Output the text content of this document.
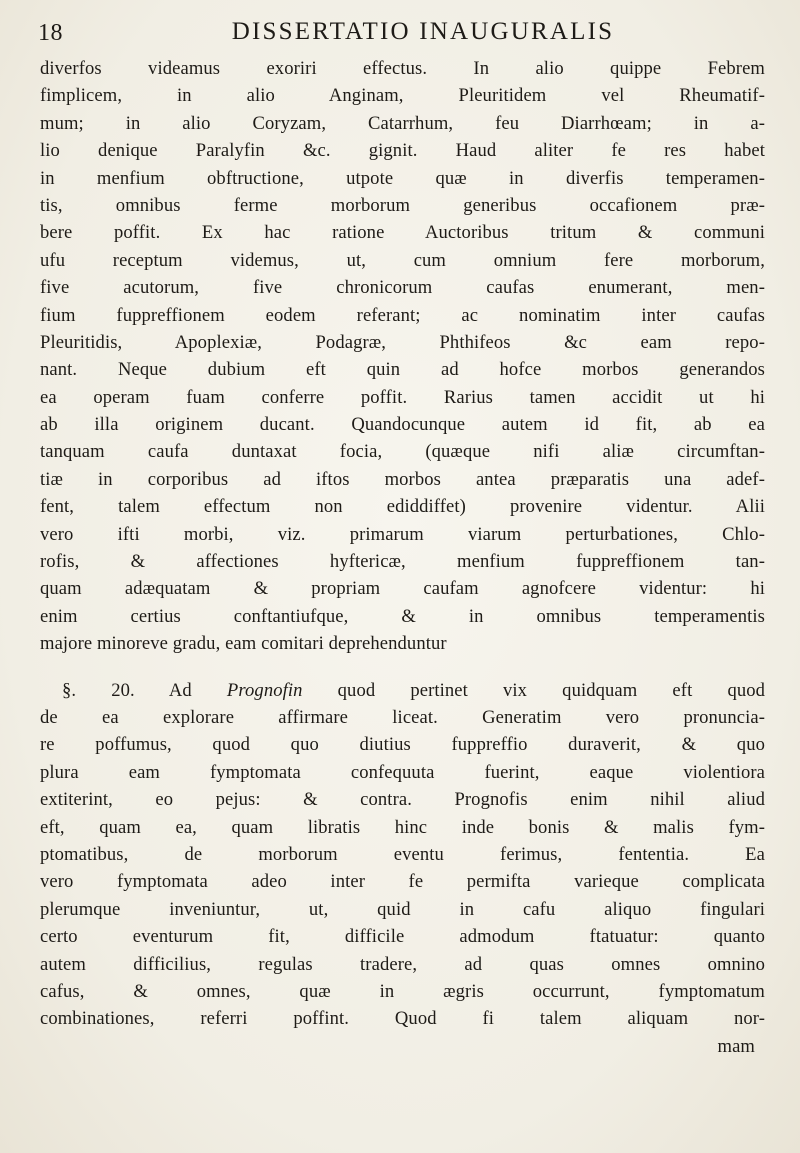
18	DISSERTATIO INAUGURALIS
diverfos videamus exoriri effectus. In alio quippe Febrem
fimplicem, in alio Anginam, Pleuritidem vel Rheumatif-
mum; in alio Coryzam, Catarrhum, feu Diarrhœam; in a-
lio denique Paralyfin &c. gignit. Haud aliter fe res habet
in menfium obftructione, utpote quæ in diverfis temperamen-
tis, omnibus ferme morborum generibus occafionem præ-
bere poffit. Ex hac ratione Auctoribus tritum & communi
ufu receptum videmus, ut, cum omnium fere morborum,
five acutorum, five chronicorum caufas enumerant, men-
fium fuppreffionem eodem referant; ac nominatim inter caufas
Pleuritidis, Apoplexiæ, Podagræ, Phthifeos &c eam repo-
nant. Neque dubium eft quin ad hofce morbos generandos
ea operam fuam conferre poffit. Rarius tamen accidit ut hi
ab illa originem ducant. Quandocunque autem id fit, ab ea
tanquam caufa duntaxat focia, (quæque nifi aliæ circumftan-
tiæ in corporibus ad iftos morbos antea præparatis una adef-
fent, talem effectum non ediddiffet) provenire videntur. Alii
vero ifti morbi, viz. primarum viarum perturbationes, Chlo-
rofis, & affectiones hyftericæ, menfium fuppreffionem tan-
quam adæquatam & propriam caufam agnofcere videntur: hi
enim certius conftantiufque, & in omnibus temperamentis
majore minoreve gradu, eam comitari deprehenduntur
§. 20. Ad Prognofin quod pertinet vix quidquam eft quod
de ea explorare affirmare liceat. Generatim vero pronuncia-
re poffumus, quod quo diutius fuppreffio duraverit, & quo
plura eam fymptomata confequuta fuerint, eaque violentiora
extiterint, eo pejus: & contra. Prognofis enim nihil aliud
eft, quam ea, quam libratis hinc inde bonis & malis fym-
ptomatibus, de morborum eventu ferimus, fententia. Ea
vero fymptomata adeo inter fe permifta varieque complicata
plerumque inveniuntur, ut, quid in cafu aliquo fingulari
certo eventurum fit, difficile admodum ftatuatur: quanto
autem difficilius, regulas tradere, ad quas omnes omnino
cafus, & omnes, quæ in ægris occurrunt, fymptomatum
combinationes, referri poffint. Quod fi talem aliquam nor-
mam
